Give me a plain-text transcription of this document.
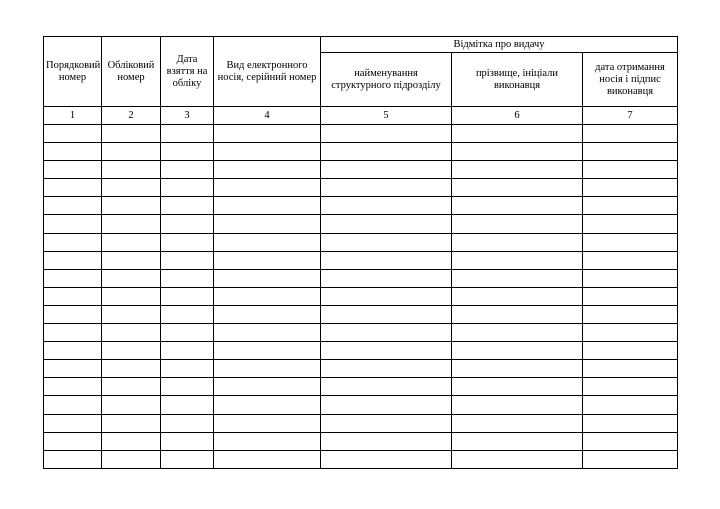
Порядковий номер	Обліковий номер	Дата взяття на обліку	Вид електронного носія, серійний номер	Відмітка про видачу		
				найменування структурного підрозділу	прізвище, ініціали виконавця	дата отримання носія і підпис виконавця
1	2	3	4	5	6	7
